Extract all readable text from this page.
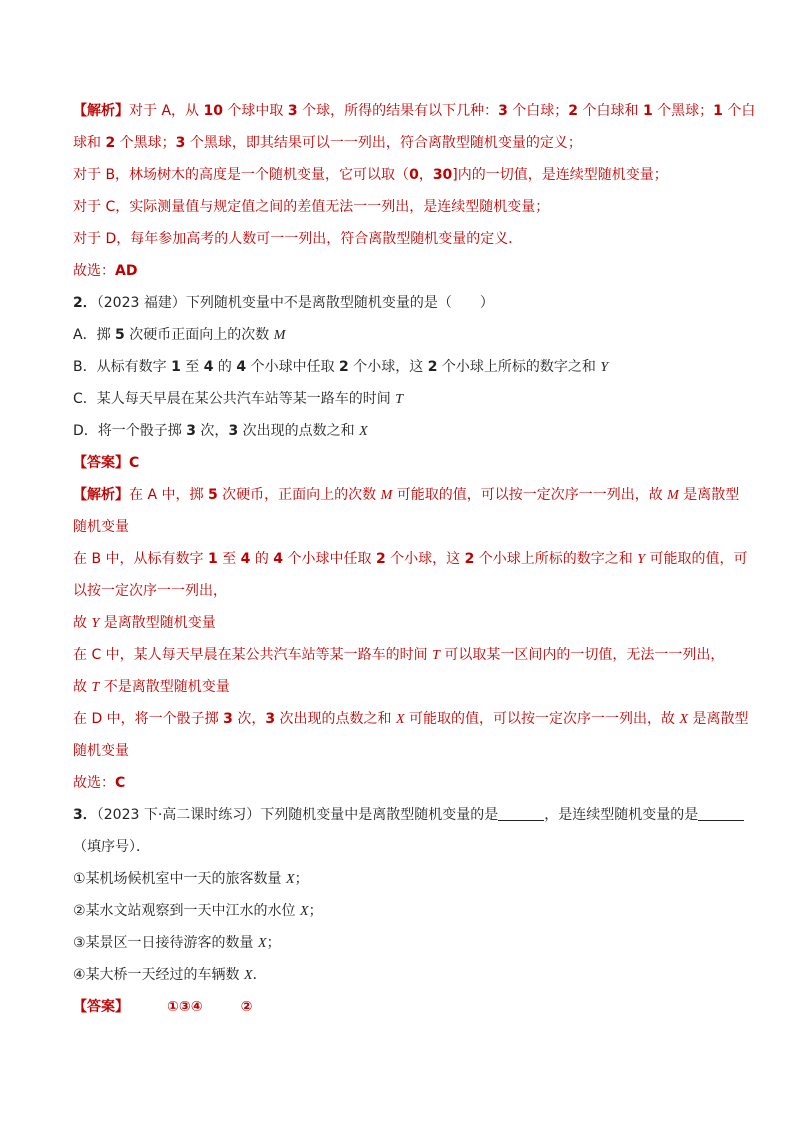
【解析】对于 A，从 10 个球中取 3 个球，所得的结果有以下几种：3 个白球；2 个白球和 1 个黑球；1 个白
球和 2 个黑球；3 个黑球，即其结果可以一一列出，符合离散型随机变量的定义；
对于 B，林场树木的高度是一个随机变量，它可以取（0，30]内的一切值，是连续型随机变量；
对于 C，实际测量值与规定值之间的差值无法一一列出，是连续型随机变量；
对于 D，每年参加高考的人数可一一列出，符合离散型随机变量的定义．
故选：AD
2．（2023 福建）下列随机变量中不是离散型随机变量的是（　　）
A．掷 5 次硬币正面向上的次数 M
B．从标有数字 1 至 4 的 4 个小球中任取 2 个小球，这 2 个小球上所标的数字之和 Y
C．某人每天早晨在某公共汽车站等某一路车的时间 T
D．将一个骰子掷 3 次，3 次出现的点数之和 X
【答案】C
【解析】在 A 中，掷 5 次硬币，正面向上的次数 M 可能取的值，可以按一定次序一一列出，故 M 是离散型
随机变量
在 B 中，从标有数字 1 至 4 的 4 个小球中任取 2 个小球，这 2 个小球上所标的数字之和 Y 可能取的值，可
以按一定次序一一列出，
故 Y 是离散型随机变量
在 C 中，某人每天早晨在某公共汽车站等某一路车的时间 T 可以取某一区间内的一切值，无法一一列出，
故 T 不是离散型随机变量
在 D 中，将一个骰子掷 3 次，3 次出现的点数之和 X 可能取的值，可以按一定次序一一列出，故 X 是离散型
随机变量
故选：C
3．（2023 下·高二课时练习）下列随机变量中是离散型随机变量的是	，是连续型随机变量的是
（填序号）．
①某机场候机室中一天的旅客数量 X；
②某水文站观察到一天中江水的水位 X；
③某景区一日接待游客的数量 X；
④某大桥一天经过的车辆数 X．
【答案】	①③④	②
